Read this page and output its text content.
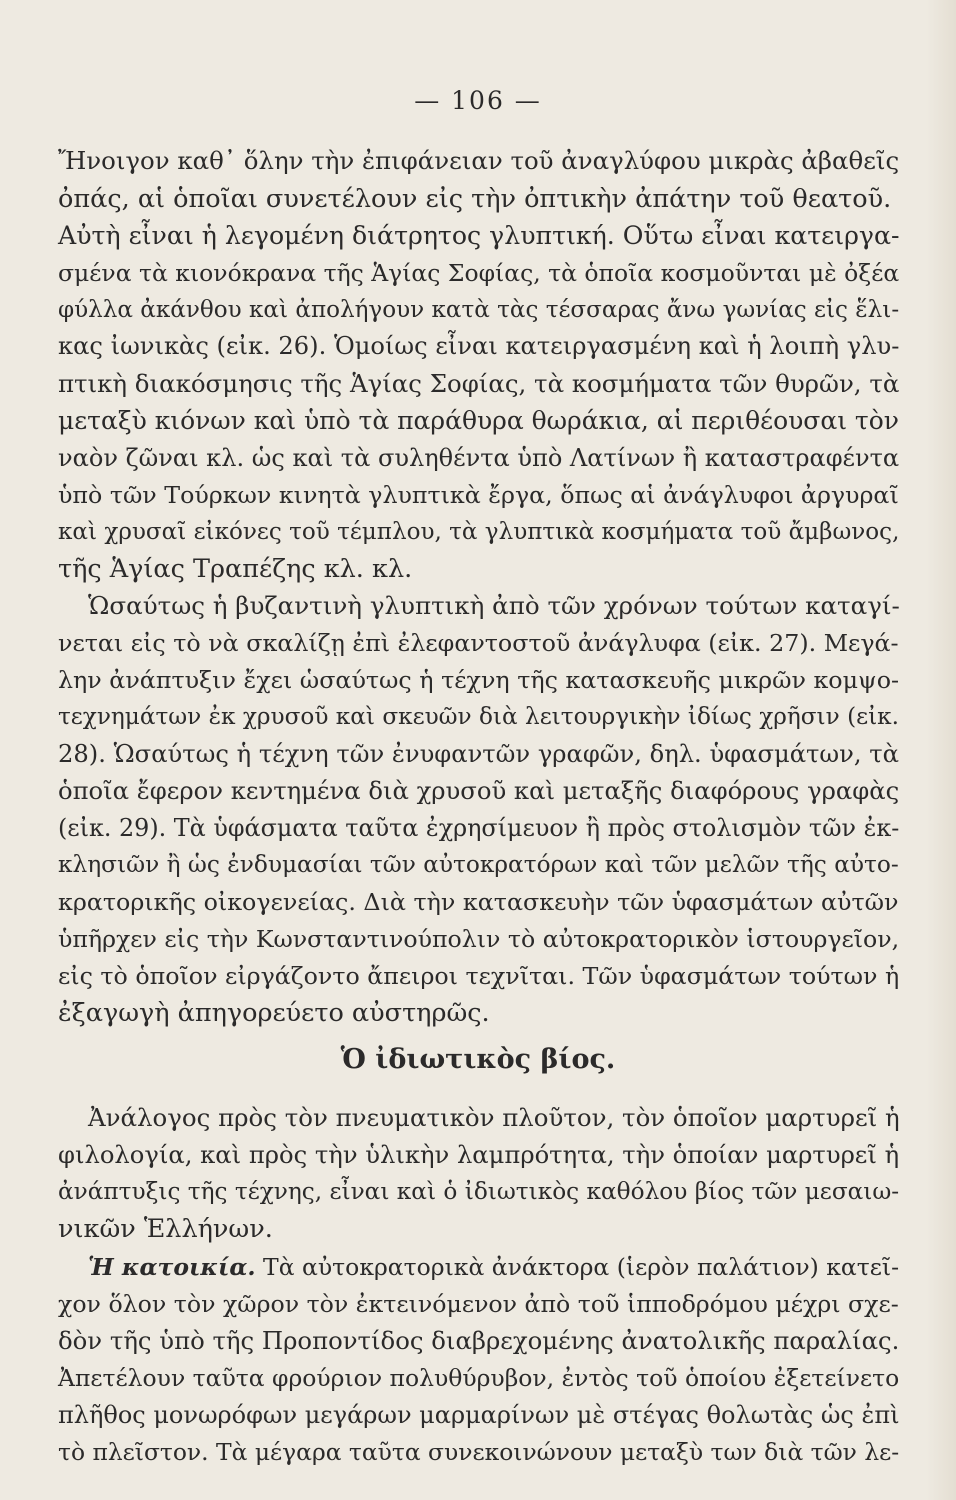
— 106 —
Ἤνοιγον καθ᾿ ὅλην τὴν ἐπιφάνειαν τοῦ ἀναγλύφου μικρὰς ἀβαθεῖς
ὀπάς, αἱ ὁποῖαι συνετέλουν εἰς τὴν ὀπτικὴν ἀπάτην τοῦ θεατοῦ.
Αὐτὴ εἶναι ἡ λεγομένη διάτρητος γλυπτική. Οὕτω εἶναι κατειργα-
σμένα τὰ κιονόκρανα τῆς Ἁγίας Σοφίας, τὰ ὁποῖα κοσμοῦνται μὲ ὀξέα
φύλλα ἀκάνθου καὶ ἀπολήγουν κατὰ τὰς τέσσαρας ἄνω γωνίας εἰς ἕλι-
κας ἰωνικὰς (εἰκ. 26). Ὁμοίως εἶναι κατειργασμένη καὶ ἡ λοιπὴ γλυ-
πτικὴ διακόσμησις τῆς Ἁγίας Σοφίας, τὰ κοσμήματα τῶν θυρῶν, τὰ
μεταξὺ κιόνων καὶ ὑπὸ τὰ παράθυρα θωράκια, αἱ περιθέουσαι τὸν
ναὸν ζῶναι κλ. ὡς καὶ τὰ συληθέντα ὑπὸ Λατίνων ἢ καταστραφέντα
ὑπὸ τῶν Τούρκων κινητὰ γλυπτικὰ ἔργα, ὅπως αἱ ἀνάγλυφοι ἀργυραῖ
καὶ χρυσαῖ εἰκόνες τοῦ τέμπλου, τὰ γλυπτικὰ κοσμήματα τοῦ ἄμβωνος,
τῆς Ἁγίας Τραπέζης κλ. κλ.
Ὡσαύτως ἡ βυζαντινὴ γλυπτικὴ ἀπὸ τῶν χρόνων τούτων καταγί-
νεται εἰς τὸ νὰ σκαλίζῃ ἐπὶ ἐλεφαντοστοῦ ἀνάγλυφα (εἰκ. 27). Μεγά-
λην ἀνάπτυξιν ἔχει ὡσαύτως ἡ τέχνη τῆς κατασκευῆς μικρῶν κομψο-
τεχνημάτων ἐκ χρυσοῦ καὶ σκευῶν διὰ λειτουργικὴν ἰδίως χρῆσιν (εἰκ.
28). Ὡσαύτως ἡ τέχνη τῶν ἐνυφαντῶν γραφῶν, δηλ. ὑφασμάτων, τὰ
ὁποῖα ἔφερον κεντημένα διὰ χρυσοῦ καὶ μεταξῆς διαφόρους γραφὰς
(εἰκ. 29). Τὰ ὑφάσματα ταῦτα ἐχρησίμευον ἢ πρὸς στολισμὸν τῶν ἐκ-
κλησιῶν ἢ ὡς ἐνδυμασίαι τῶν αὐτοκρατόρων καὶ τῶν μελῶν τῆς αὐτο-
κρατορικῆς οἰκογενείας. Διὰ τὴν κατασκευὴν τῶν ὑφασμάτων αὐτῶν
ὑπῆρχεν εἰς τὴν Κωνσταντινούπολιν τὸ αὐτοκρατορικὸν ἱστουργεῖον,
εἰς τὸ ὁποῖον εἰργάζοντο ἄπειροι τεχνῖται. Τῶν ὑφασμάτων τούτων ἡ
ἐξαγωγὴ ἀπηγορεύετο αὐστηρῶς.
Ὁ ἰδιωτικὸς βίος.
Ἀνάλογος πρὸς τὸν πνευματικὸν πλοῦτον, τὸν ὁποῖον μαρτυρεῖ ἡ
φιλολογία, καὶ πρὸς τὴν ὑλικὴν λαμπρότητα, τὴν ὁποίαν μαρτυρεῖ ἡ
ἀνάπτυξις τῆς τέχνης, εἶναι καὶ ὁ ἰδιωτικὸς καθόλου βίος τῶν μεσαιω-
νικῶν Ἑλλήνων.
Ἡ κατοικία. Τὰ αὐτοκρατορικὰ ἀνάκτορα (ἱερὸν παλάτιον) κατεῖ-
χον ὅλον τὸν χῶρον τὸν ἐκτεινόμενον ἀπὸ τοῦ ἱπποδρόμου μέχρι σχε-
δὸν τῆς ὑπὸ τῆς Προποντίδος διαβρεχομένης ἀνατολικῆς παραλίας.
Ἀπετέλουν ταῦτα φρούριον πολυθύρυβον, ἐντὸς τοῦ ὁποίου ἐξετείνετο
πλῆθος μονωρόφων μεγάρων μαρμαρίνων μὲ στέγας θολωτὰς ὡς ἐπὶ
τὸ πλεῖστον. Τὰ μέγαρα ταῦτα συνεκοινώνουν μεταξὺ των διὰ τῶν λε-
